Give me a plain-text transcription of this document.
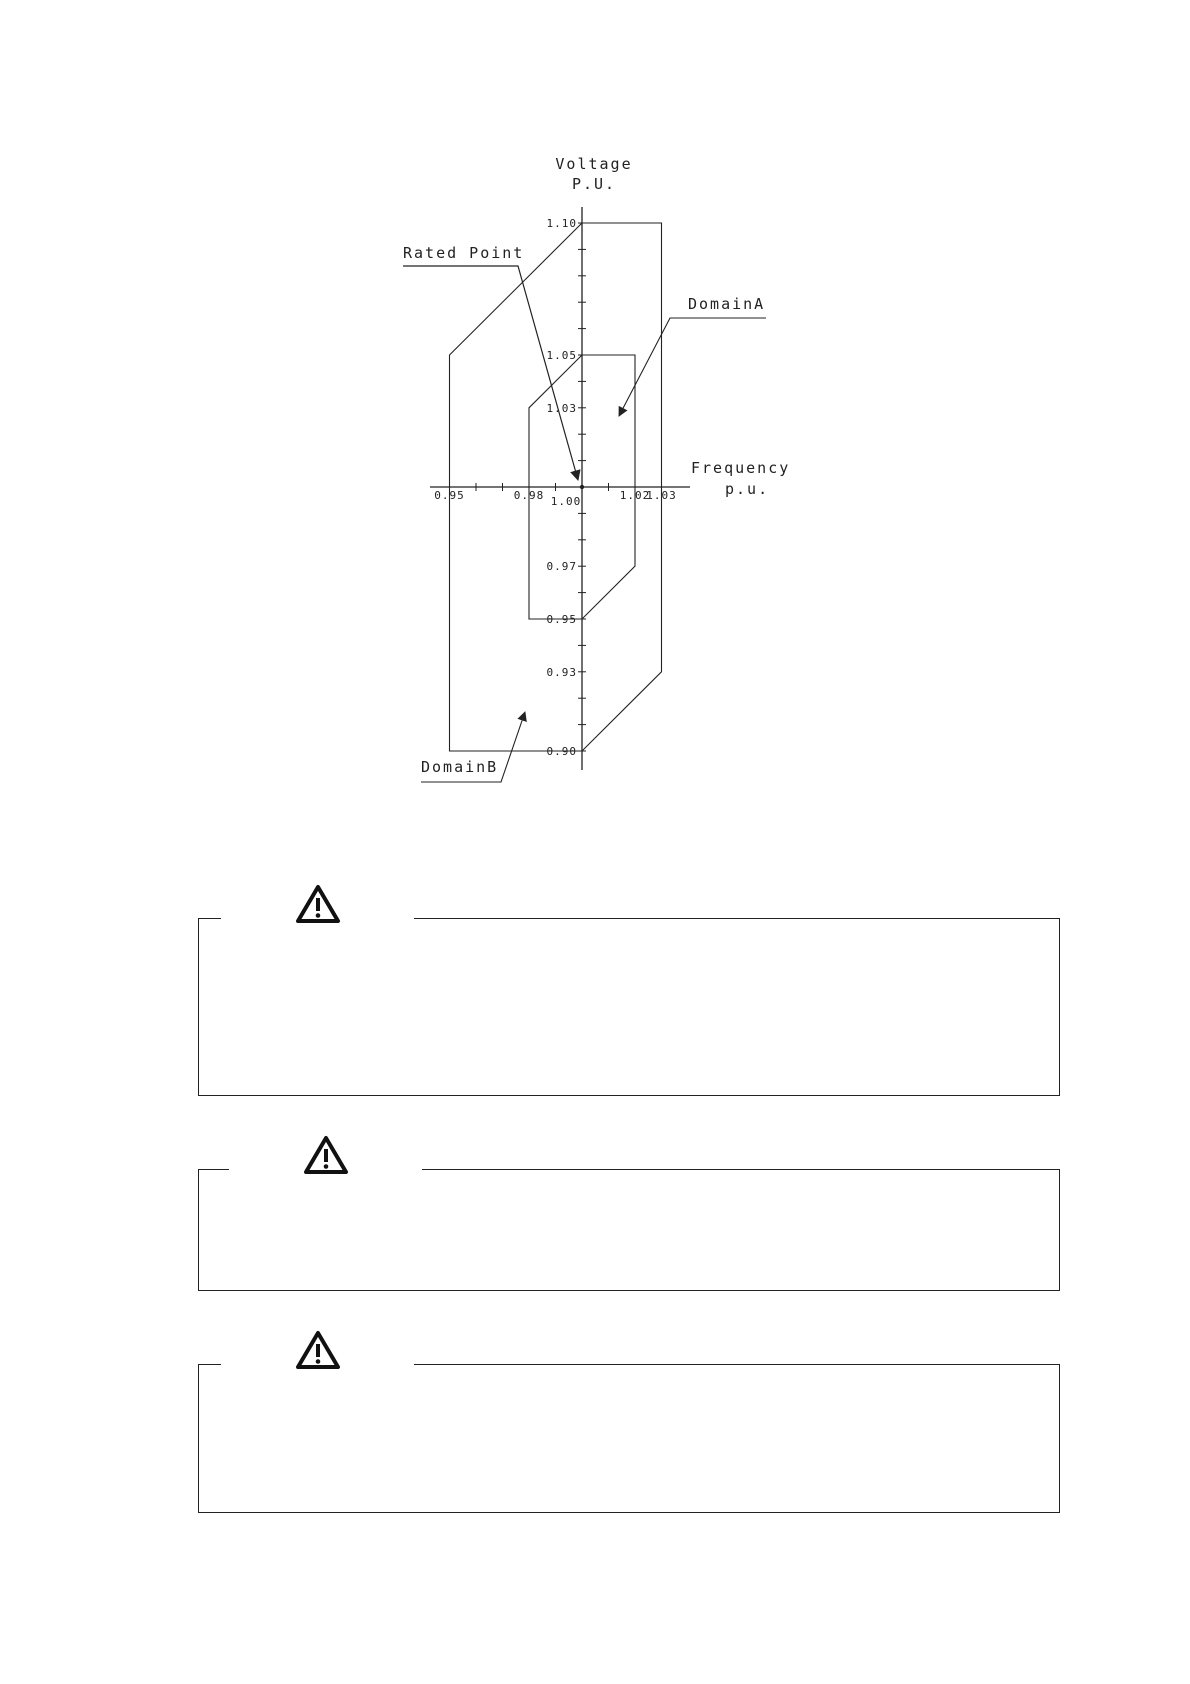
0.95	0.98 1.00	1.02
1.03
1.10
1.05
1.03
0.97
0.95
0.93
0.90
Voltage
P.U.
Frequency
p.u.
Rated Point
DomainA
DomainB
